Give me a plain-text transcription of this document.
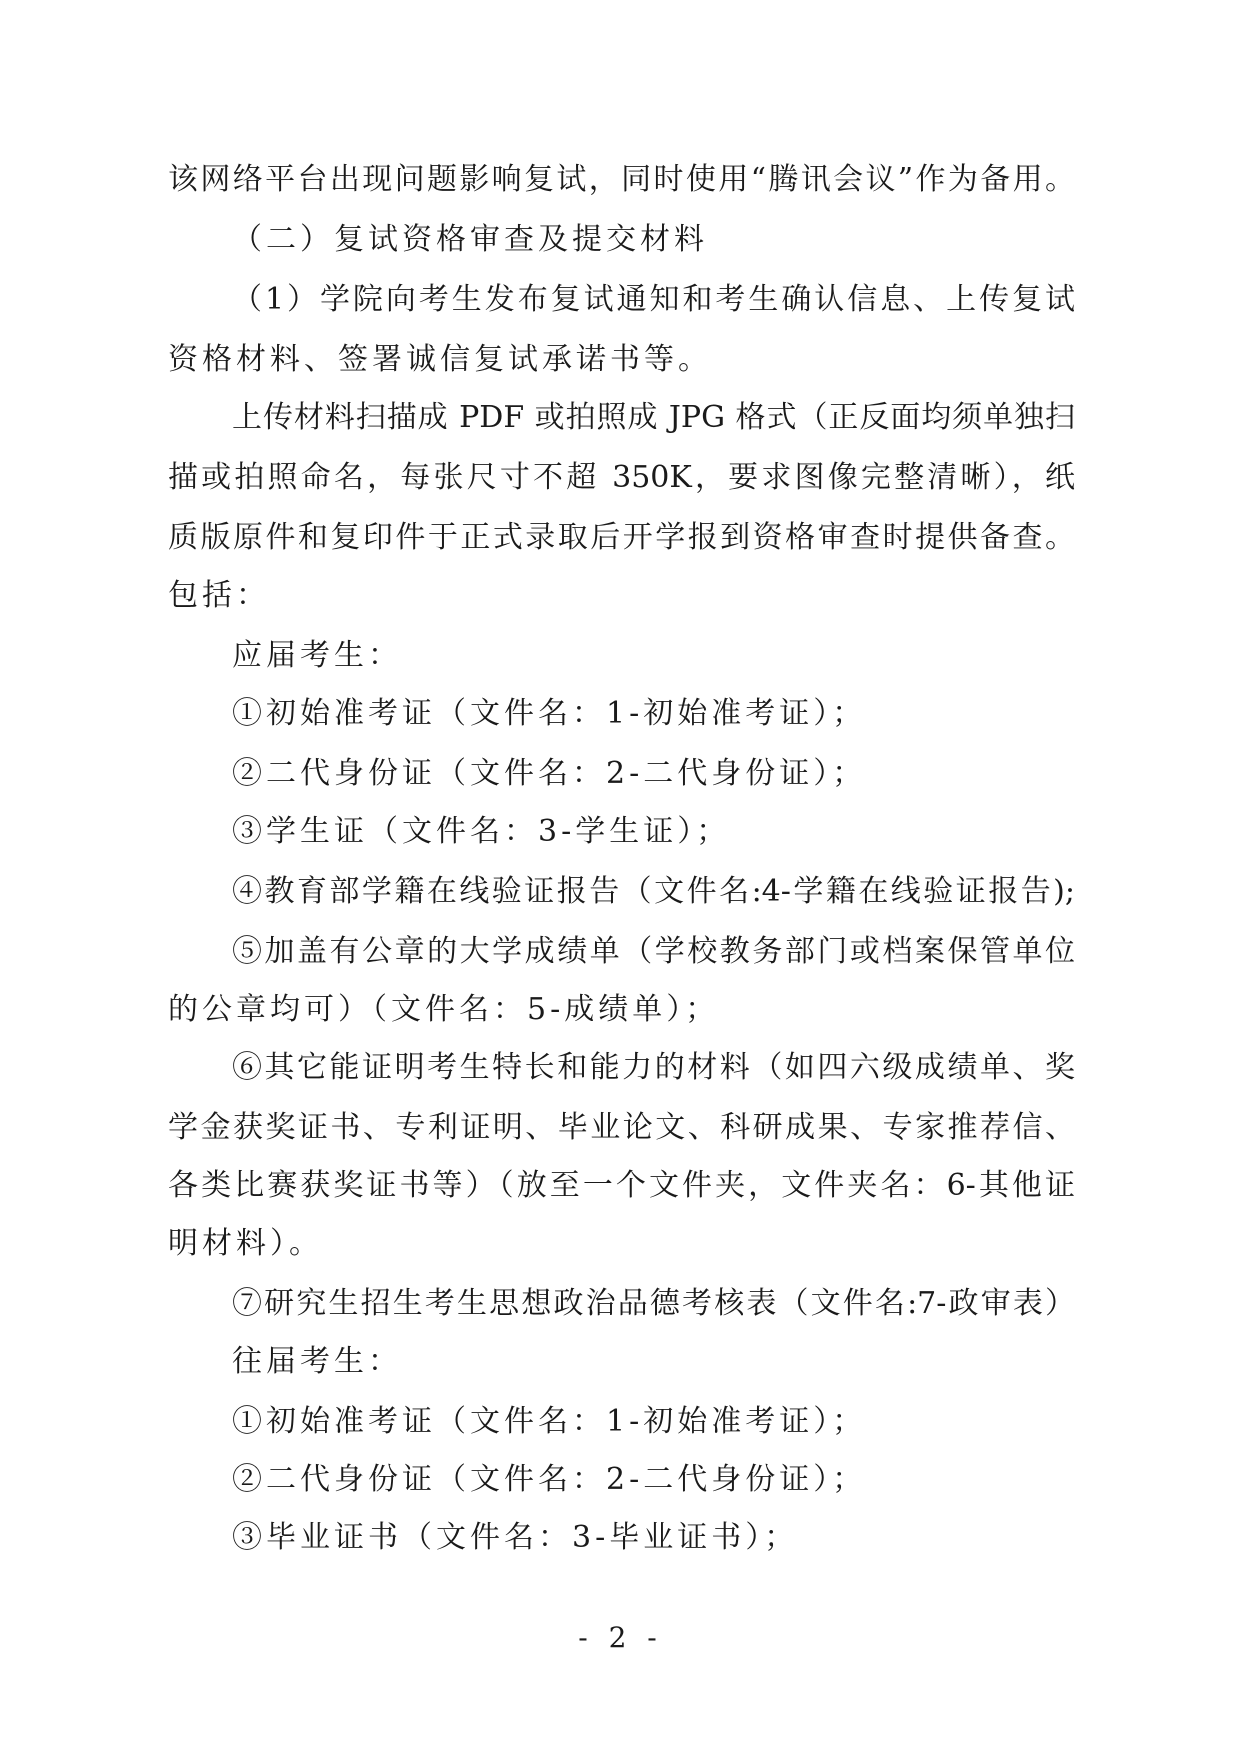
该网络平台出现问题影响复试，同时使用“腾讯会议”作为备用。
（二）复试资格审查及提交材料
（1）学院向考生发布复试通知和考生确认信息、上传复试
资格材料、签署诚信复试承诺书等。
上传材料扫描成 PDF 或拍照成 JPG 格式（正反面均须单独扫
描或拍照命名，每张尺寸不超 350K，要求图像完整清晰），纸
质版原件和复印件于正式录取后开学报到资格审查时提供备查。
包括：
应届考生：
①初始准考证（文件名：1-初始准考证）；
②二代身份证（文件名：2-二代身份证）；
③学生证（文件名：3-学生证）；
④教育部学籍在线验证报告（文件名:4-学籍在线验证报告);
⑤加盖有公章的大学成绩单（学校教务部门或档案保管单位
的公章均可）（文件名：5-成绩单）；
⑥其它能证明考生特长和能力的材料（如四六级成绩单、奖
学金获奖证书、专利证明、毕业论文、科研成果、专家推荐信、
各类比赛获奖证书等）（放至一个文件夹，文件夹名：6-其他证
明材料）。
⑦研究生招生考生思想政治品德考核表（文件名:7-政审表）
往届考生：
①初始准考证（文件名：1-初始准考证）；
②二代身份证（文件名：2-二代身份证）；
③毕业证书（文件名：3-毕业证书）；
- 2 -
